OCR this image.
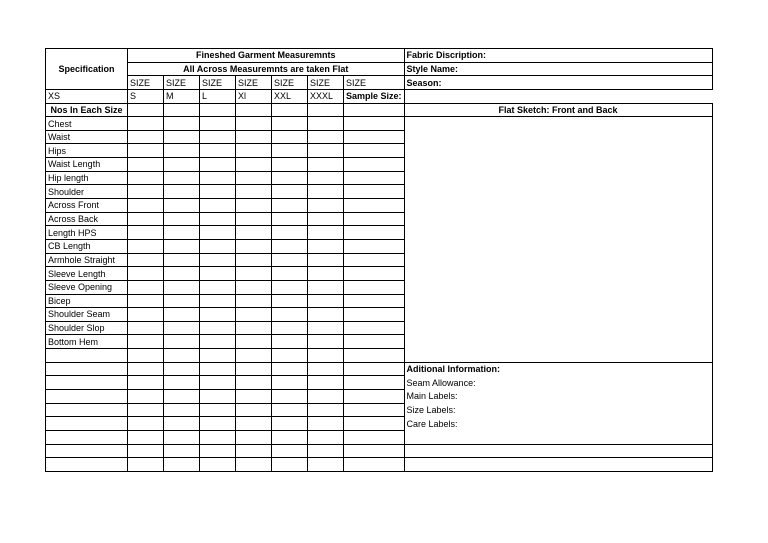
Specification	Fineshed Garment Measuremnts							Fabric Discription:
	All Across Measuremnts are taken Flat							Style Name:
	SIZE	SIZE	SIZE	SIZE	SIZE	SIZE	SIZE	Season:
XS	S	M	L	Xl	XXL	XXXL	Sample Size:	
Nos In Each Size								Flat Sketch: Front and Back
Chest								
Waist								
Hips								
Waist Length								
Hip length								
Shoulder								
Across Front								
Across Back								
Length HPS								
CB Length								
Armhole Straight								
Sleeve Length								
Sleeve Opening								
Bicep								
Shoulder Seam								
Shoulder Slop								
Bottom Hem								

								Aditional Information:
								Seam Allowance:
								Main Labels:
								Size Labels:
								Care Labels:
